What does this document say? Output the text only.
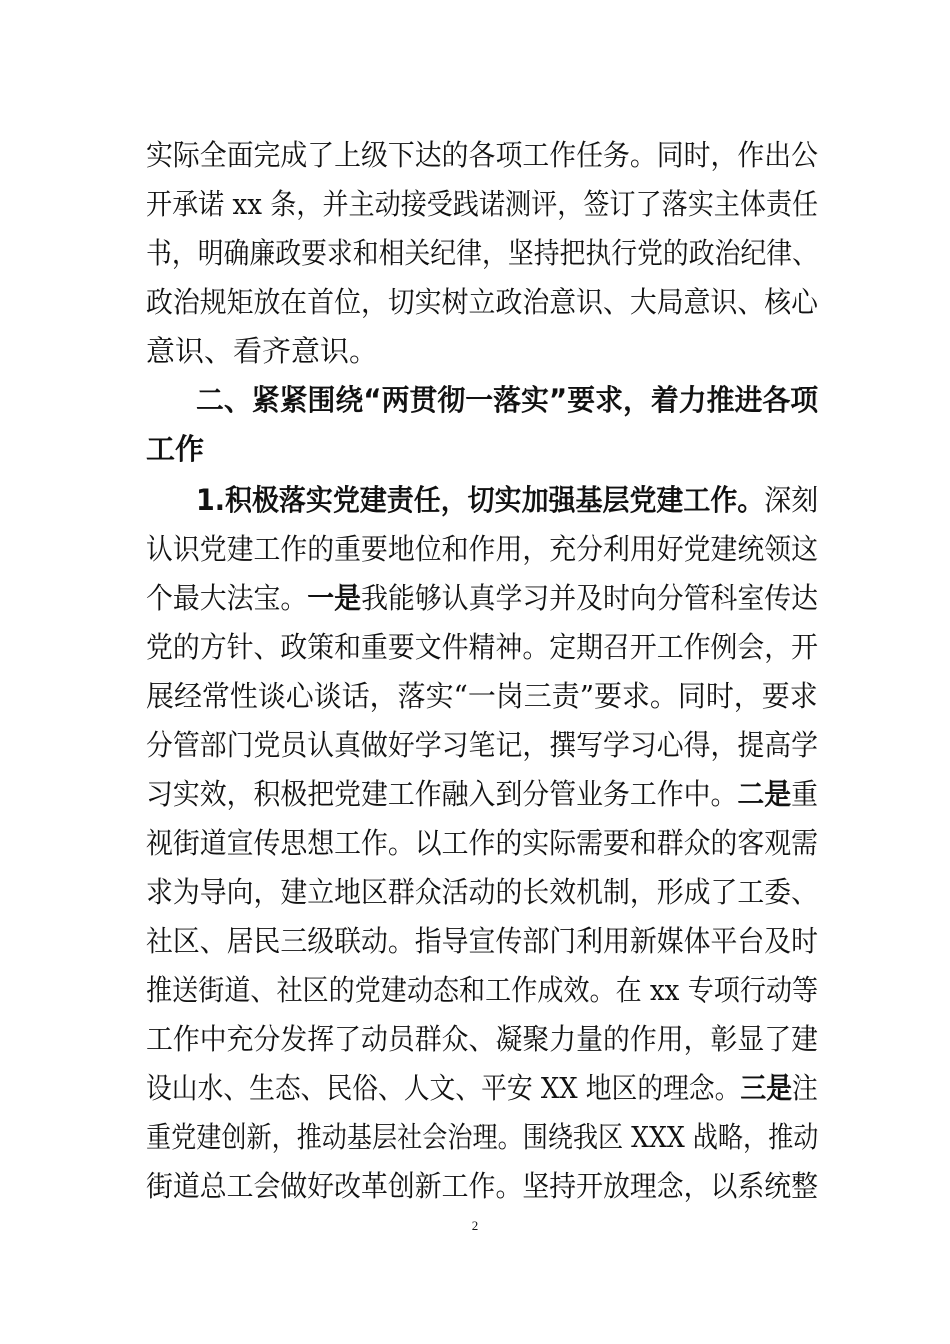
实际全面完成了上级下达的各项工作任务。同时，作出公
开承诺 xx 条，并主动接受践诺测评，签订了落实主体责任
书，明确廉政要求和相关纪律，坚持把执行党的政治纪律、
政治规矩放在首位，切实树立政治意识、大局意识、核心
意识、看齐意识。
二、紧紧围绕“两贯彻一落实”要求，着力推进各项
工作
1.积极落实党建责任，切实加强基层党建工作。深刻
认识党建工作的重要地位和作用，充分利用好党建统领这
个最大法宝。一是我能够认真学习并及时向分管科室传达
党的方针、政策和重要文件精神。定期召开工作例会，开
展经常性谈心谈话，落实“一岗三责”要求。同时，要求
分管部门党员认真做好学习笔记，撰写学习心得，提高学
习实效，积极把党建工作融入到分管业务工作中。二是重
视街道宣传思想工作。以工作的实际需要和群众的客观需
求为导向，建立地区群众活动的长效机制，形成了工委、
社区、居民三级联动。指导宣传部门利用新媒体平台及时
推送街道、社区的党建动态和工作成效。在 xx 专项行动等
工作中充分发挥了动员群众、凝聚力量的作用，彰显了建
设山水、生态、民俗、人文、平安 XX 地区的理念。三是注
重党建创新，推动基层社会治理。围绕我区 XXX 战略，推动
街道总工会做好改革创新工作。坚持开放理念，以系统整
2
